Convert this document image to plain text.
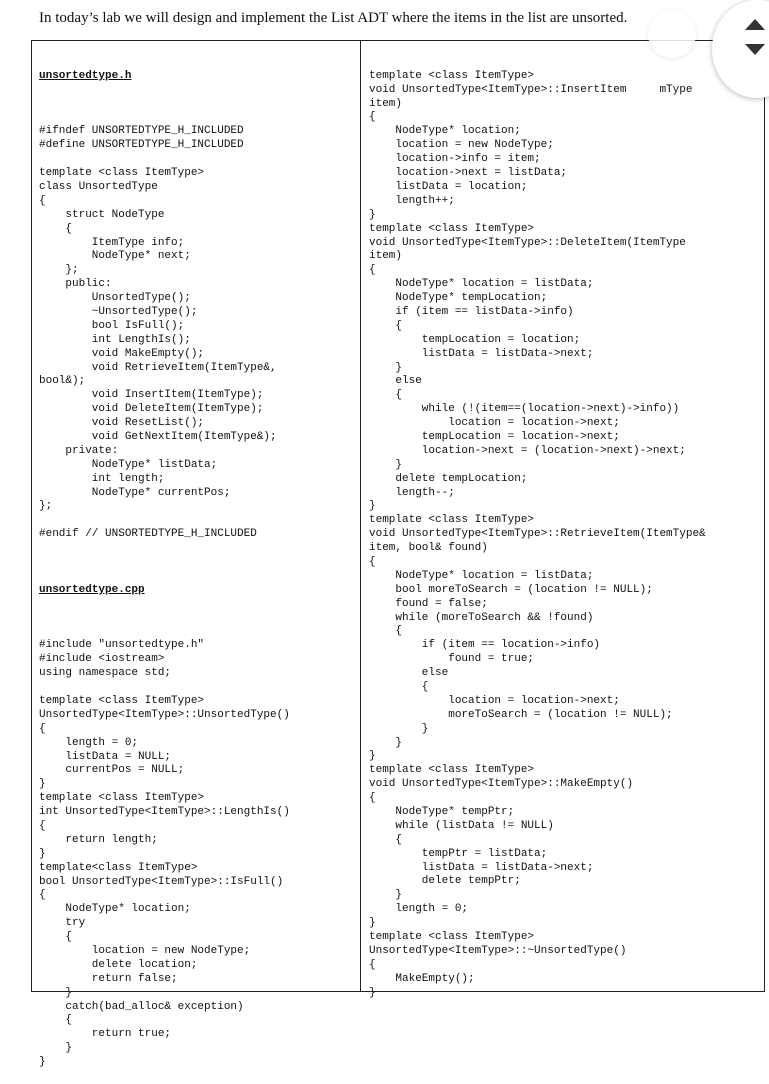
In today’s lab we will design and implement the List ADT where the items in the list are unsorted.

unsortedtype.h

#ifndef UNSORTEDTYPE_H_INCLUDED
#define UNSORTEDTYPE_H_INCLUDED
template <class ItemType>
class UnsortedType
{
struct NodeType
{
ItemType info;
NodeType* next;
};
public:
UnsortedType();
~UnsortedType();
bool IsFull();
int LengthIs();
void MakeEmpty();
void RetrieveItem(ItemType&,
bool&);
void InsertItem(ItemType);
void DeleteItem(ItemType);
void ResetList();
void GetNextItem(ItemType&);
private:
NodeType* listData;
int length;
NodeType* currentPos;
};
#endif // UNSORTEDTYPE_H_INCLUDED

unsortedtype.cpp

#include "unsortedtype.h"
#include <iostream>
using namespace std;
template <class ItemType>
UnsortedType<ItemType>::UnsortedType()
{
length = 0;
listData = NULL;
currentPos = NULL;
}
template <class ItemType>
int UnsortedType<ItemType>::LengthIs()
{
return length;
}
template<class ItemType>
bool UnsortedType<ItemType>::IsFull()
{
NodeType* location;
try
{
location = new NodeType;
delete location;
return false;
}
catch(bad_alloc& exception)
{
return true;
}
}

template <class ItemType>
void UnsortedType<ItemType>::InsertItem     mType
item)
{
NodeType* location;
location = new NodeType;
location->info = item;
location->next = listData;
listData = location;
length++;
}
template <class ItemType>
void UnsortedType<ItemType>::DeleteItem(ItemType
item)
{
NodeType* location = listData;
NodeType* tempLocation;
if (item == listData->info)
{
tempLocation = location;
listData = listData->next;
}
else
{
while (!(item==(location->next)->info))
location = location->next;
tempLocation = location->next;
location->next = (location->next)->next;
}
delete tempLocation;
length--;
}
template <class ItemType>
void UnsortedType<ItemType>::RetrieveItem(ItemType&
item, bool& found)
{
NodeType* location = listData;
bool moreToSearch = (location != NULL);
found = false;
while (moreToSearch && !found)
{
if (item == location->info)
found = true;
else
{
location = location->next;
moreToSearch = (location != NULL);
}
}
}
template <class ItemType>
void UnsortedType<ItemType>::MakeEmpty()
{
NodeType* tempPtr;
while (listData != NULL)
{
tempPtr = listData;
listData = listData->next;
delete tempPtr;
}
length = 0;
}
template <class ItemType>
UnsortedType<ItemType>::~UnsortedType()
{
MakeEmpty();
}
